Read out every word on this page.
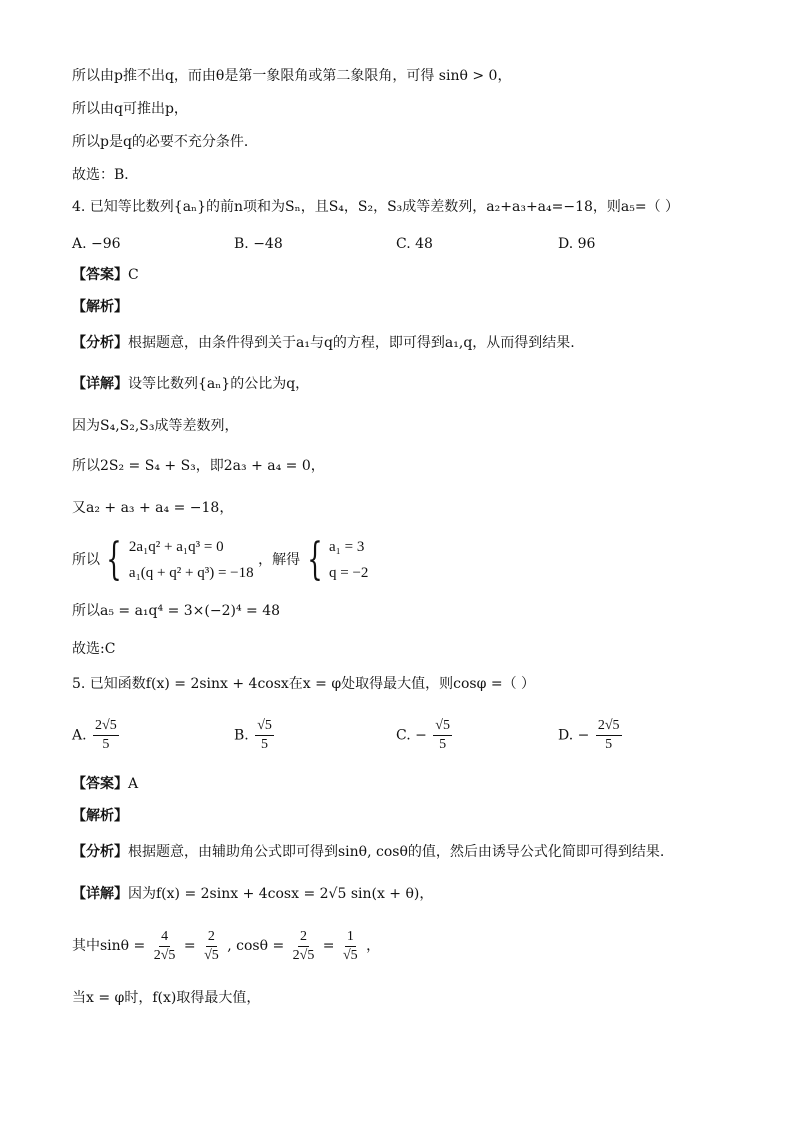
所以由p推不出q，而由θ是第一象限角或第二象限角，可得 sinθ > 0，
所以由q可推出p，
所以p是q的必要不充分条件．
故选：B．
4. 已知等比数列{aₙ}的前n项和为Sₙ，且S₄，S₂，S₃成等差数列，a₂+a₃+a₄=−18，则a₅=（ ）
A. −96	B. −48	C. 48	D. 96
【答案】C
【解析】
【分析】根据题意，由条件得到关于a₁与q的方程，即可得到a₁,q，从而得到结果.
【详解】设等比数列{aₙ}的公比为q，
因为S₄,S₂,S₃成等差数列，
所以2S₂ = S₄ + S₃，即2a₃ + a₄ = 0，
又a₂ + a₃ + a₄ = −18，
所以 { 2a₁q² + a₁q³ = 0
a₁(q + q² + q³) = −18
，解得 { a₁ = 3
q = −2
所以a₅ = a₁q⁴ = 3×(−2)⁴ = 48
故选:C
5. 已知函数f(x) = 2sinx + 4cosx在x = φ处取得最大值，则cosφ =（ ）
A. $\frac{2√5}{5}$	B. $\frac{√5}{5}$	C. − $\frac{√5}{5}$	D. − $\frac{2√5}{5}$
【答案】A
【解析】
【分析】根据题意，由辅助角公式即可得到sinθ, cosθ的值，然后由诱导公式化简即可得到结果.
【详解】因为f(x) = 2sinx + 4cosx = 2√5 sin(x + θ)，
其中$\sin\theta = \frac{4}{2√5} = \frac{2}{√5}$ , $\cos\theta = \frac{2}{2√5} = \frac{1}{√5}$ ，
当x = φ时，f(x)取得最大值，
